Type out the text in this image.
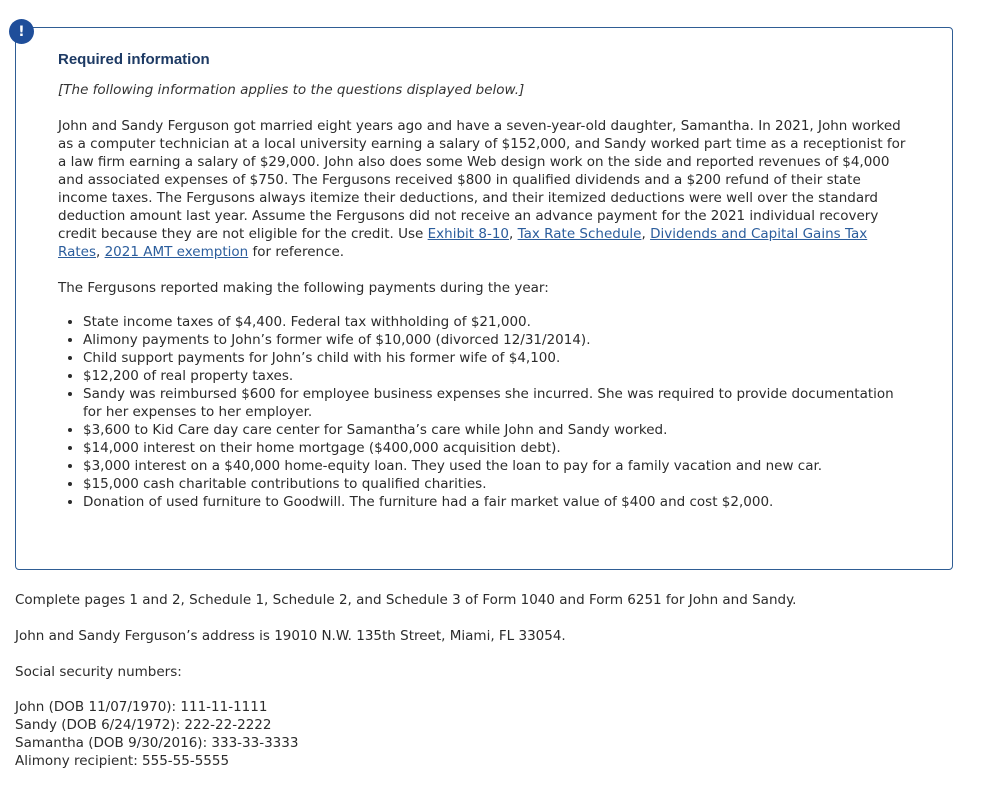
Required information
[The following information applies to the questions displayed below.]

John and Sandy Ferguson got married eight years ago and have a seven-year-old daughter, Samantha. In 2021, John worked as a computer technician at a local university earning a salary of $152,000, and Sandy worked part time as a receptionist for a law firm earning a salary of $29,000. John also does some Web design work on the side and reported revenues of $4,000 and associated expenses of $750. The Fergusons received $800 in qualified dividends and a $200 refund of their state income taxes. The Fergusons always itemize their deductions, and their itemized deductions were well over the standard deduction amount last year. Assume the Fergusons did not receive an advance payment for the 2021 individual recovery credit because they are not eligible for the credit. Use Exhibit 8-10, Tax Rate Schedule, Dividends and Capital Gains Tax Rates, 2021 AMT exemption for reference.

The Fergusons reported making the following payments during the year:
• State income taxes of $4,400. Federal tax withholding of $21,000.
• Alimony payments to John’s former wife of $10,000 (divorced 12/31/2014).
• Child support payments for John’s child with his former wife of $4,100.
• $12,200 of real property taxes.
• Sandy was reimbursed $600 for employee business expenses she incurred. She was required to provide documentation for her expenses to her employer.
• $3,600 to Kid Care day care center for Samantha’s care while John and Sandy worked.
• $14,000 interest on their home mortgage ($400,000 acquisition debt).
• $3,000 interest on a $40,000 home-equity loan. They used the loan to pay for a family vacation and new car.
• $15,000 cash charitable contributions to qualified charities.
• Donation of used furniture to Goodwill. The furniture had a fair market value of $400 and cost $2,000.
!
Complete pages 1 and 2, Schedule 1, Schedule 2, and Schedule 3 of Form 1040 and Form 6251 for John and Sandy.
John and Sandy Ferguson’s address is 19010 N.W. 135th Street, Miami, FL 33054.
Social security numbers:
John (DOB 11/07/1970): 111-11-1111
Sandy (DOB 6/24/1972): 222-22-2222
Samantha (DOB 9/30/2016): 333-33-3333
Alimony recipient: 555-55-5555
